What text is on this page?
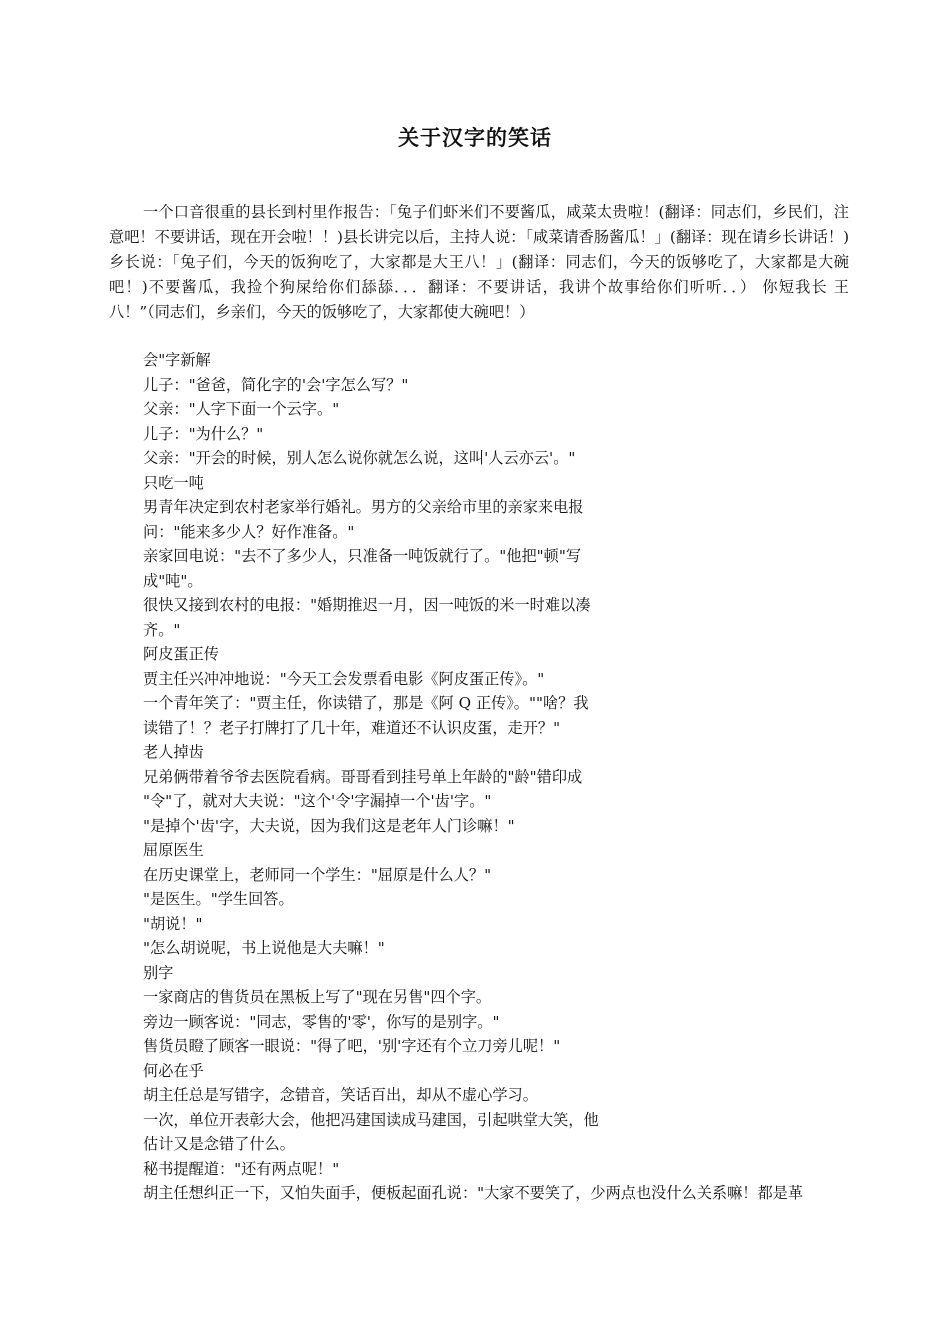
关于汉字的笑话

一个口音很重的县长到村里作报告：「兔子们虾米们不要酱瓜，咸菜太贵啦！(翻译：同志们，乡民们，注意吧！不要讲话，现在开会啦！！)县长讲完以后，主持人说：「咸菜请香肠酱瓜！」(翻译：现在请乡长讲话！)乡长说：「兔子们，今天的饭狗吃了，大家都是大王八！」(翻译：同志们，今天的饭够吃了，大家都是大碗吧！)不要酱瓜，我捡个狗屎给你们舔舔．．．翻译：不要讲话，我讲个故事给你们听听．．） 你短我长 王八！”（同志们，乡亲们，今天的饭够吃了，大家都使大碗吧！）

会"字新解
儿子："爸爸，简化字的'会'字怎么写？"
父亲："人字下面一个云字。"
儿子："为什么？"
父亲："开会的时候，别人怎么说你就怎么说，这叫'人云亦云'。"
只吃一吨
男青年决定到农村老家举行婚礼。男方的父亲给市里的亲家来电报
问："能来多少人？好作准备。"
亲家回电说："去不了多少人，只准备一吨饭就行了。"他把"顿"写
成"吨"。
很快又接到农村的电报："婚期推迟一月，因一吨饭的米一时难以凑
齐。"
阿皮蛋正传
贾主任兴冲冲地说："今天工会发票看电影《阿皮蛋正传》。"
一个青年笑了："贾主任，你读错了，那是《阿 Q 正传》。""啥？我
读错了！？老子打牌打了几十年，难道还不认识皮蛋，走开？"
老人掉齿
兄弟俩带着爷爷去医院看病。哥哥看到挂号单上年龄的"龄"错印成
"令"了，就对大夫说："这个'令'字漏掉一个'齿'字。"
"是掉个'齿'字，大夫说，因为我们这是老年人门诊嘛！"
屈原医生
在历史课堂上，老师同一个学生："屈原是什么人？"
"是医生。"学生回答。
"胡说！"
"怎么胡说呢，书上说他是大夫嘛！"
别字
一家商店的售货员在黑板上写了"现在另售"四个字。
旁边一顾客说："同志，零售的'零'，你写的是别字。"
售货员瞪了顾客一眼说："得了吧，'别'字还有个立刀旁儿呢！"
何必在乎
胡主任总是写错字，念错音，笑话百出，却从不虚心学习。
一次，单位开表彰大会，他把冯建国读成马建国，引起哄堂大笑，他
估计又是念错了什么。
秘书提醒道："还有两点呢！"
胡主任想纠正一下，又怕失面手，便板起面孔说："大家不要笑了，少两点也没什么关系嘛！都是革
